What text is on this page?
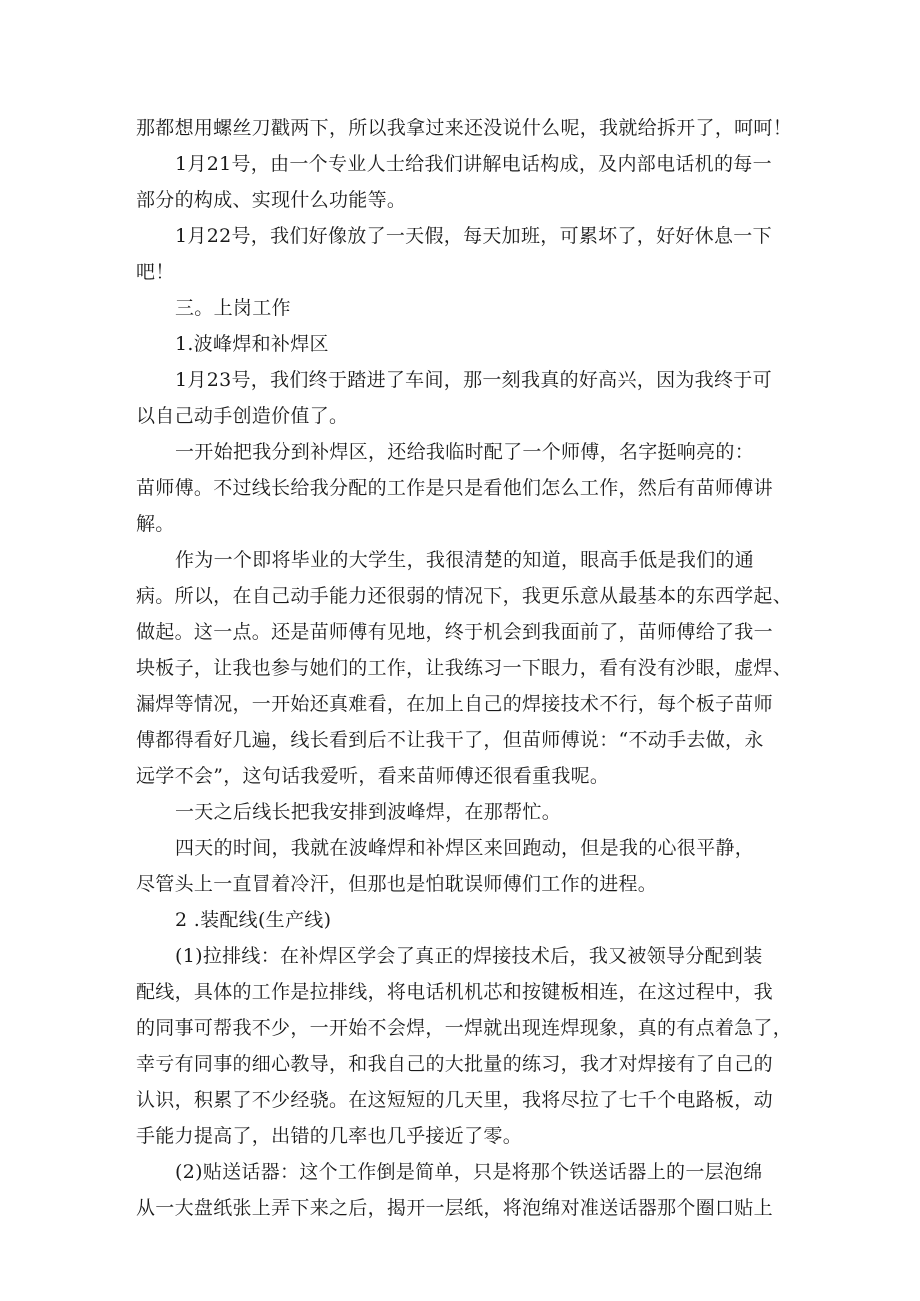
那都想用螺丝刀戳两下，所以我拿过来还没说什么呢，我就给拆开了，呵呵！

1月21号，由一个专业人士给我们讲解电话构成，及内部电话机的每一
部分的构成、实现什么功能等。

1月22号，我们好像放了一天假，每天加班，可累坏了，好好休息一下
吧！

三。上岗工作

1.波峰焊和补焊区

1月23号，我们终于踏进了车间，那一刻我真的好高兴，因为我终于可
以自己动手创造价值了。

一开始把我分到补焊区，还给我临时配了一个师傅，名字挺响亮的：
苗师傅。不过线长给我分配的工作是只是看他们怎么工作，然后有苗师傅讲
解。

作为一个即将毕业的大学生，我很清楚的知道，眼高手低是我们的通
病。所以，在自己动手能力还很弱的情况下，我更乐意从最基本的东西学起、
做起。这一点。还是苗师傅有见地，终于机会到我面前了，苗师傅给了我一
块板子，让我也参与她们的工作，让我练习一下眼力，看有没有沙眼，虚焊、
漏焊等情况，一开始还真难看，在加上自己的焊接技术不行，每个板子苗师
傅都得看好几遍，线长看到后不让我干了，但苗师傅说：“不动手去做，永
远学不会”，这句话我爱听，看来苗师傅还很看重我呢。

一天之后线长把我安排到波峰焊，在那帮忙。

四天的时间，我就在波峰焊和补焊区来回跑动，但是我的心很平静，
尽管头上一直冒着冷汗，但那也是怕耽误师傅们工作的进程。

2 .装配线(生产线)

(1)拉排线：在补焊区学会了真正的焊接技术后，我又被领导分配到装
配线，具体的工作是拉排线，将电话机机芯和按键板相连，在这过程中，我
的同事可帮我不少，一开始不会焊，一焊就出现连焊现象，真的有点着急了，
幸亏有同事的细心教导，和我自己的大批量的练习，我才对焊接有了自己的
认识，积累了不少经骁。在这短短的几天里，我将尽拉了七千个电路板，动
手能力提高了，出错的几率也几乎接近了零。

(2)贴送话器：这个工作倒是简单，只是将那个铁送话器上的一层泡绵
从一大盘纸张上弄下来之后，揭开一层纸，将泡绵对准送话器那个圈口贴上
